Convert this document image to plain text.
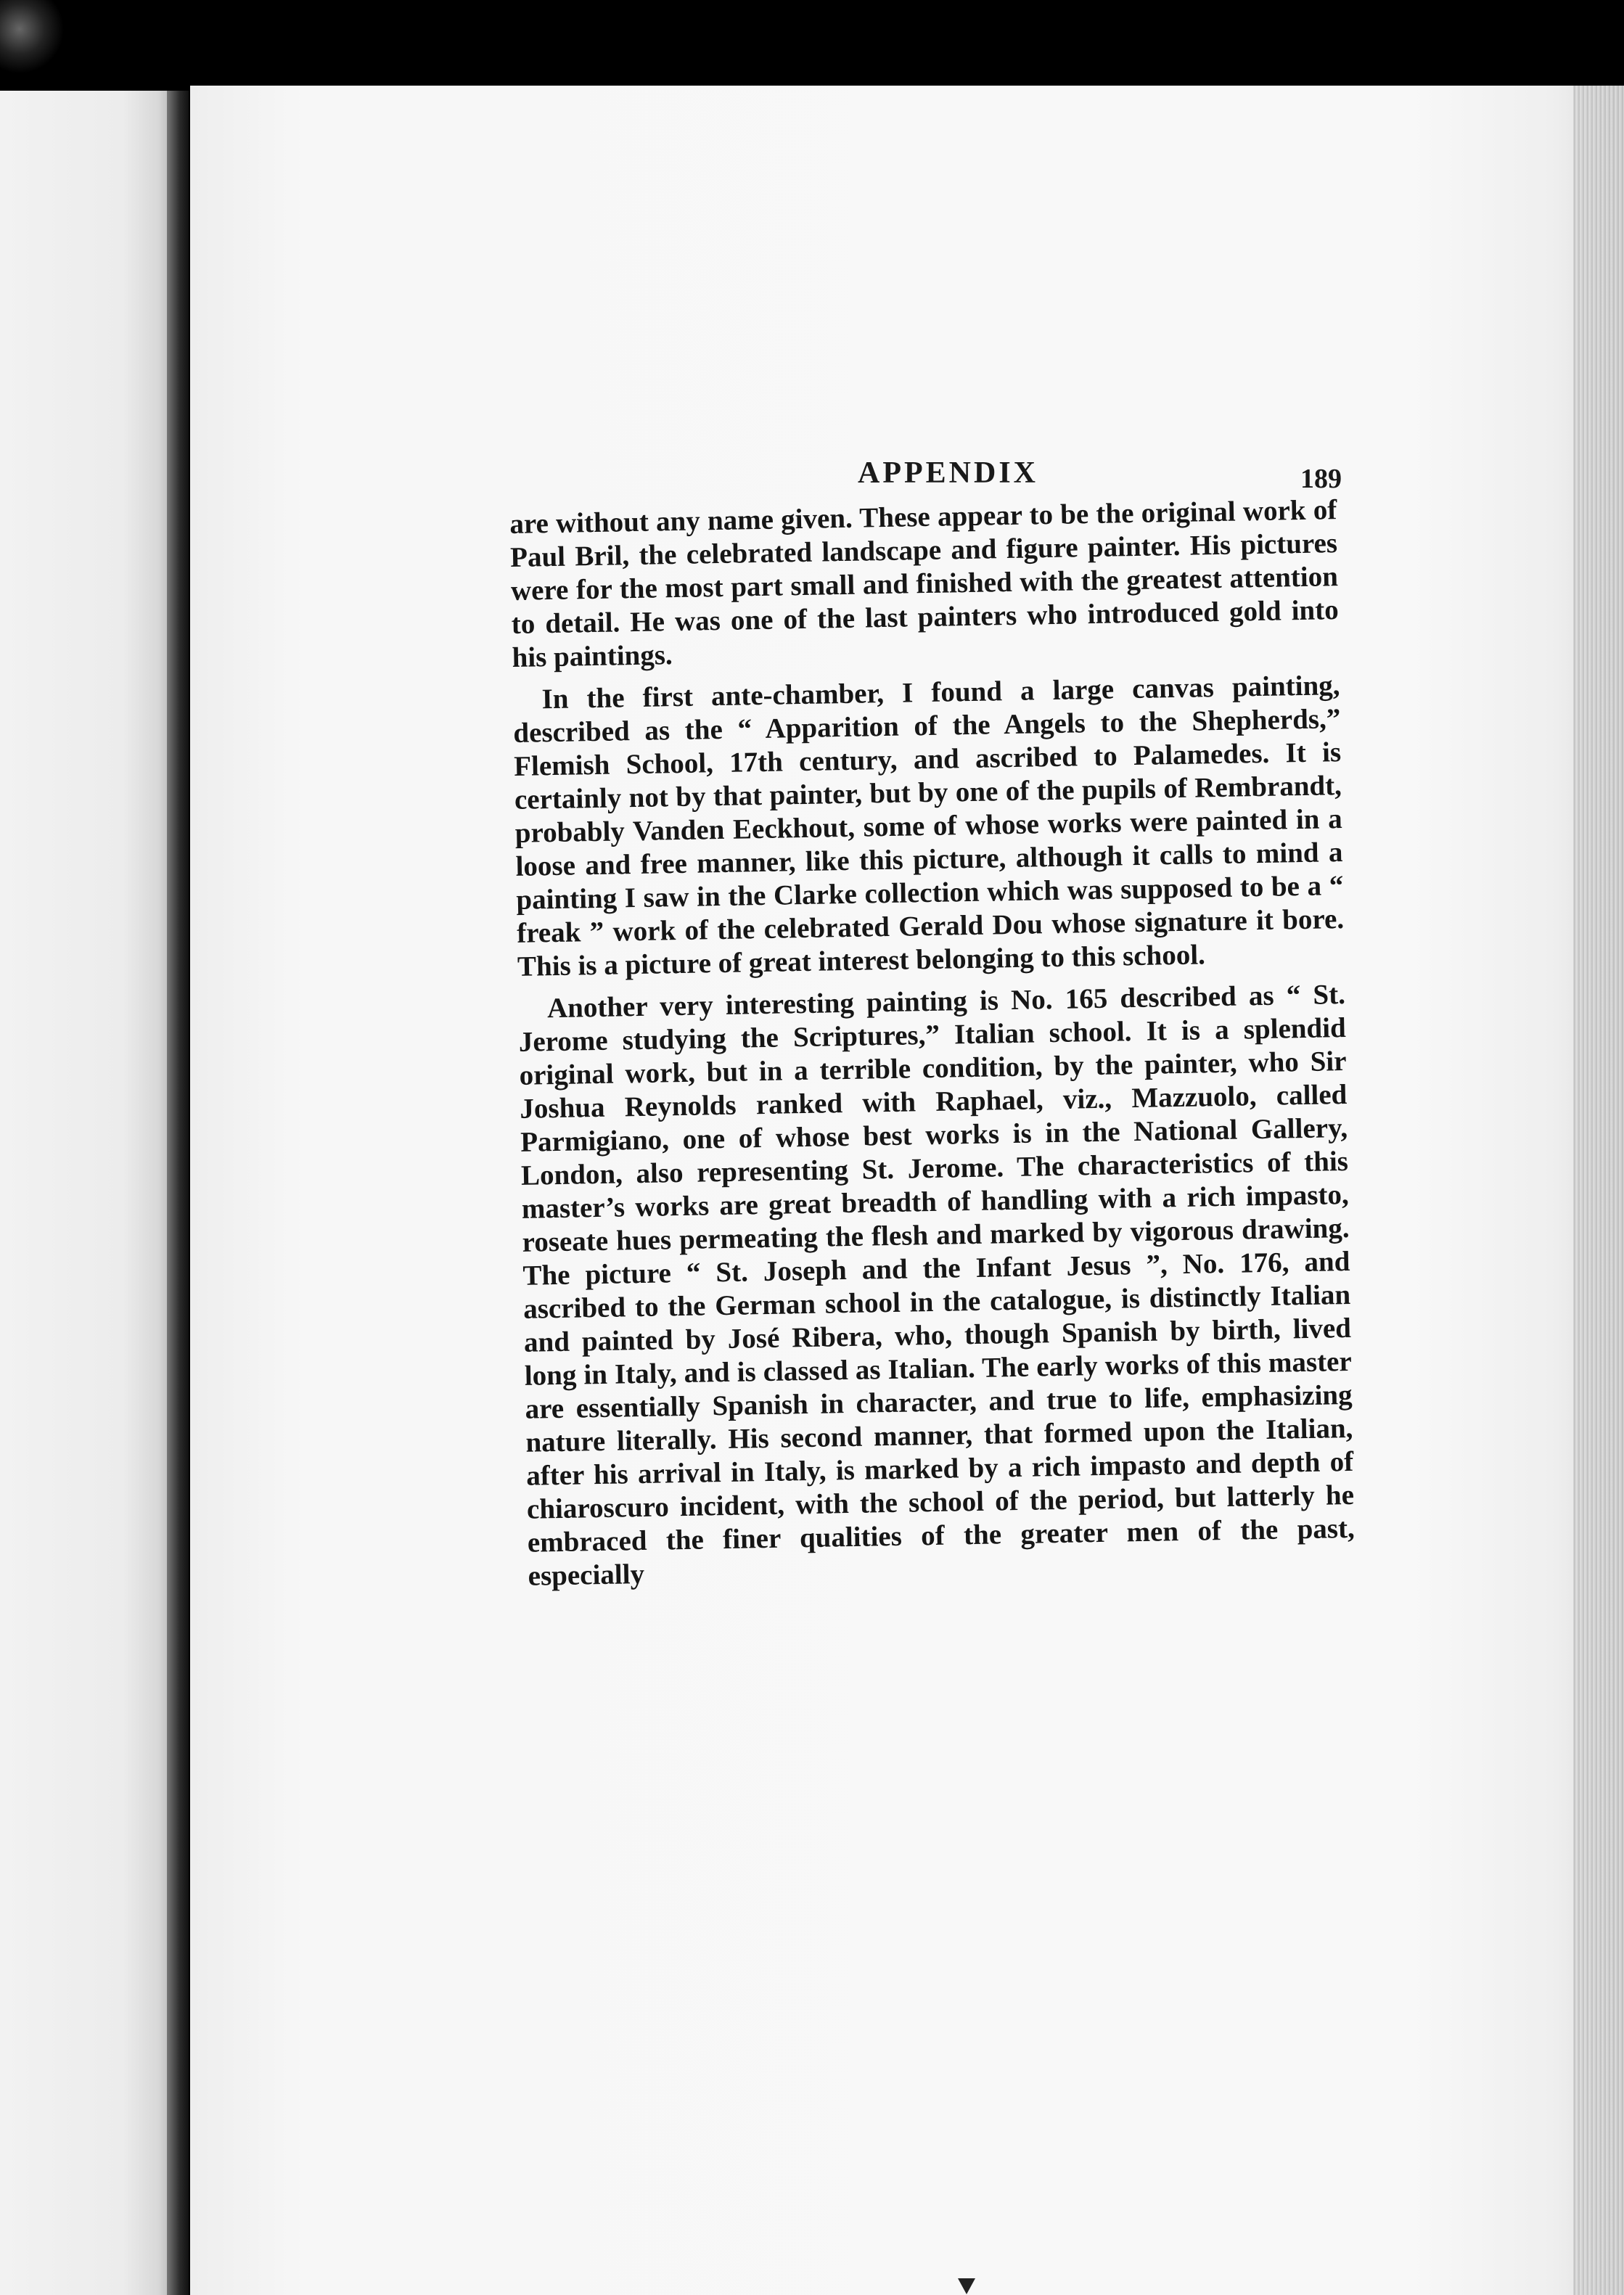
APPENDIX	189

are without any name given. These appear to be the original work of Paul Bril, the celebrated landscape and figure painter. His pictures were for the most part small and finished with the greatest attention to detail. He was one of the last painters who introduced gold into his paintings.

In the first ante-chamber, I found a large canvas painting, described as the “ Apparition of the Angels to the Shepherds,” Flemish School, 17th century, and ascribed to Palamedes. It is certainly not by that painter, but by one of the pupils of Rembrandt, probably Vanden Eeckhout, some of whose works were painted in a loose and free manner, like this picture, although it calls to mind a painting I saw in the Clarke collection which was supposed to be a “ freak ” work of the celebrated Gerald Dou whose signature it bore. This is a picture of great interest belonging to this school.

Another very interesting painting is No. 165 described as “ St. Jerome studying the Scriptures,” Italian school. It is a splendid original work, but in a terrible condition, by the painter, who Sir Joshua Reynolds ranked with Raphael, viz., Mazzuolo, called Parmigiano, one of whose best works is in the National Gallery, London, also representing St. Jerome. The characteristics of this master’s works are great breadth of handling with a rich impasto, roseate hues permeating the flesh and marked by vigorous drawing. The picture “ St. Joseph and the Infant Jesus ”, No. 176, and ascribed to the German school in the catalogue, is distinctly Italian and painted by José Ribera, who, though Spanish by birth, lived long in Italy, and is classed as Italian. The early works of this master are essentially Spanish in character, and true to life, emphasizing nature literally. His second manner, that formed upon the Italian, after his arrival in Italy, is marked by a rich impasto and depth of chiaroscuro incident, with the school of the period, but latterly he embraced the finer qualities of the greater men of the past, especially
